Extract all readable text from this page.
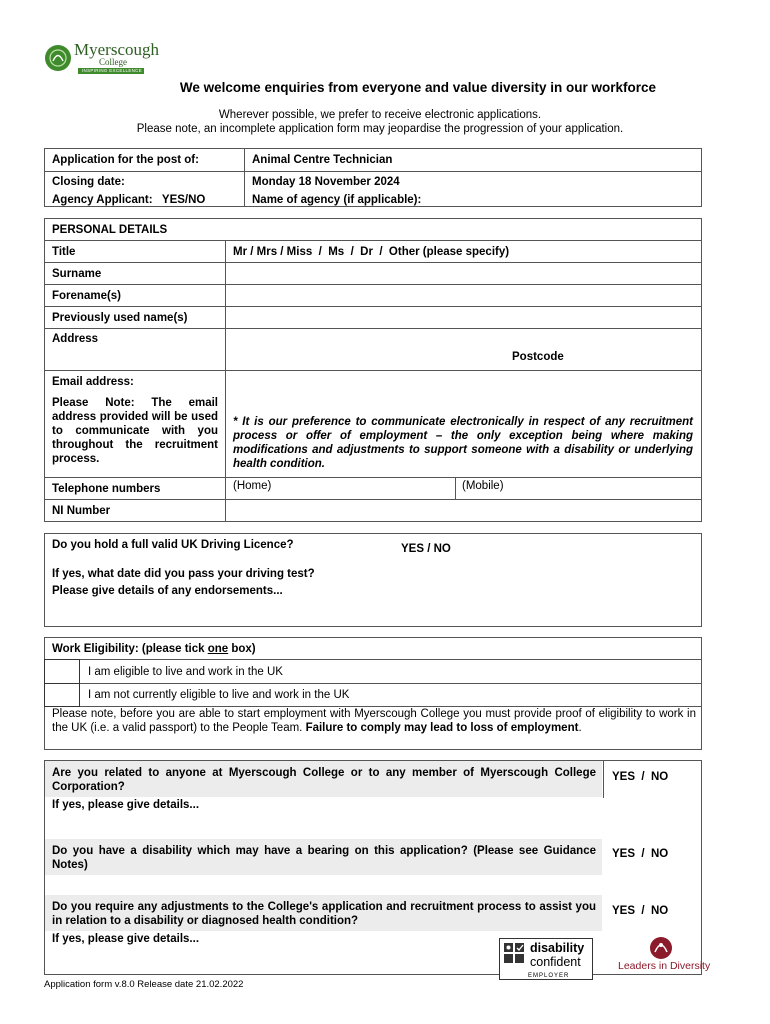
Myerscough
College
INSPIRING EXCELLENCE
We welcome enquiries from everyone and value diversity in our workforce
Wherever possible, we prefer to receive electronic applications.
Please note, an incomplete application form may jeopardise the progression of your application.
Application for the post of:	Animal Centre Technician
Closing date:	Monday 18 November 2024
Agency Applicant:   YES/NO	Name of agency (if applicable):
PERSONAL DETAILS
Title	Mr / Mrs / Miss  /  Ms  /  Dr  /  Other (please specify)
Surname
Forename(s)
Previously used name(s)
Address
Postcode
Email address:
Please Note: The email address provided will be used to communicate with you throughout the recruitment process.
* It is our preference to communicate electronically in respect of any recruitment process or offer of employment – the only exception being where making modifications and adjustments to support someone with a disability or underlying health condition.
Telephone numbers	(Home)	(Mobile)
NI Number
Do you hold a full valid UK Driving Licence?	YES / NO
If yes, what date did you pass your driving test?
Please give details of any endorsements...
Work Eligibility: (please tick one box)
I am eligible to live and work in the UK
I am not currently eligible to live and work in the UK
Please note, before you are able to start employment with Myerscough College you must provide proof of eligibility to work in the UK (i.e. a valid passport) to the People Team. Failure to comply may lead to loss of employment.
Are you related to anyone at Myerscough College or to any member of Myerscough College Corporation?
YES  /  NO
If yes, please give details...
Do you have a disability which may have a bearing on this application? (Please see Guidance Notes)
YES  /  NO
Do you require any adjustments to the College's application and recruitment process to assist you in relation to a disability or diagnosed health condition?
YES  /  NO
If yes, please give details...
disability
confident
EMPLOYER
Leaders in Diversity
Application form v.8.0 Release date 21.02.2022
